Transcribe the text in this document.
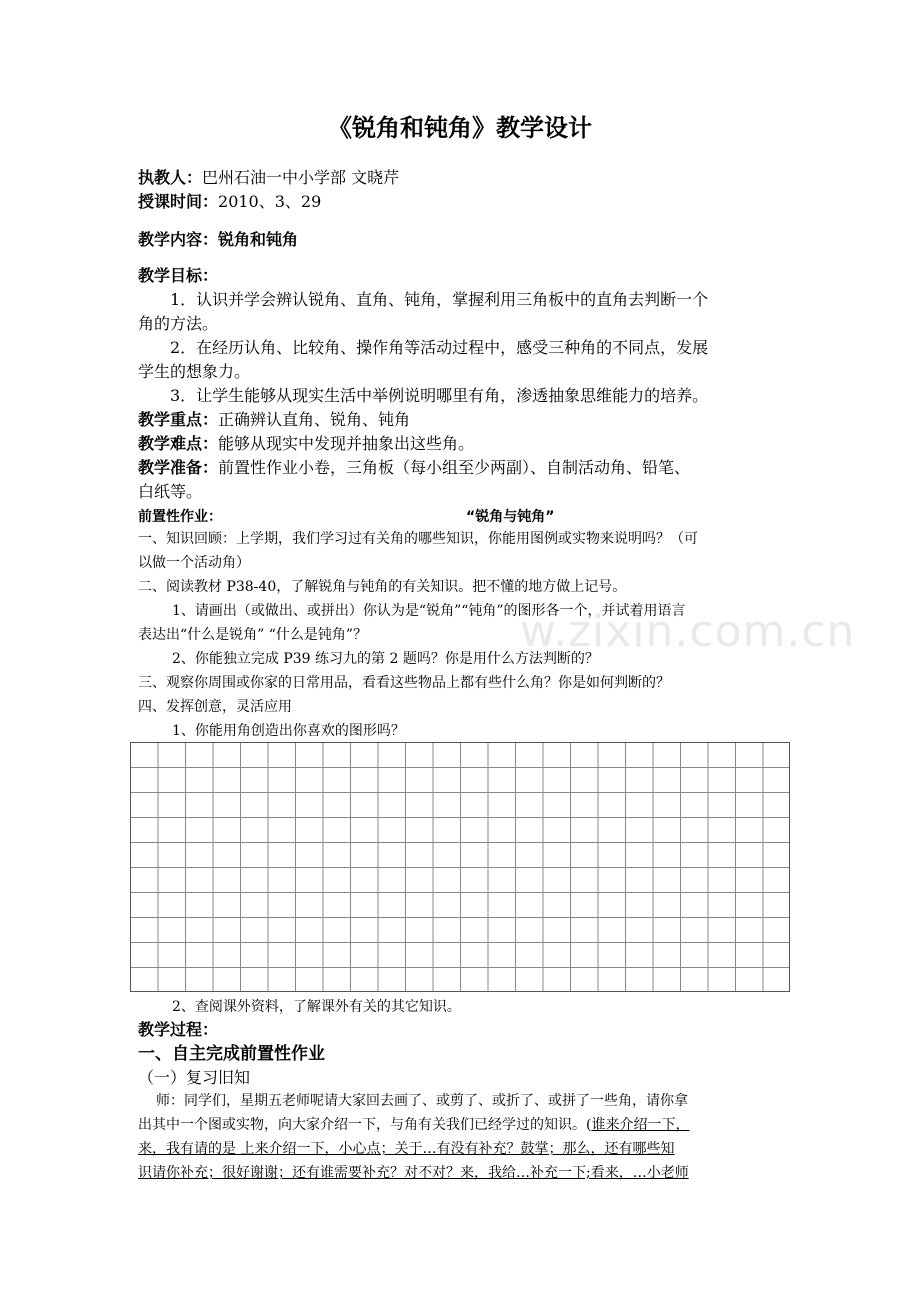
w.zixin.com.cn
《锐角和钝角》教学设计
执教人：巴州石油一中小学部 文晓芹
授课时间：2010、3、29
教学内容：锐角和钝角
教学目标：
1．认识并学会辨认锐角、直角、钝角，掌握利用三角板中的直角去判断一个
角的方法。
2．在经历认角、比较角、操作角等活动过程中，感受三种角的不同点，发展
学生的想象力。
3．让学生能够从现实生活中举例说明哪里有角，渗透抽象思维能力的培养。
教学重点：正确辨认直角、锐角、钝角
教学难点：能够从现实中发现并抽象出这些角。
教学准备：前置性作业小卷，三角板（每小组至少两副）、自制活动角、铅笔、
白纸等。
前置性作业：	“锐角与钝角”
一、知识回顾：上学期，我们学习过有关角的哪些知识，你能用图例或实物来说明吗？（可
以做一个活动角）
二、阅读教材 P38-40，了解锐角与钝角的有关知识。把不懂的地方做上记号。
1、请画出（或做出、或拼出）你认为是“锐角”“钝角”的图形各一个，并试着用语言
表达出“什么是锐角” “什么是钝角”？
2、你能独立完成 P39 练习九的第 2 题吗？你是用什么方法判断的？
三、观察你周围或你家的日常用品，看看这些物品上都有些什么角？你是如何判断的？
四、发挥创意，灵活应用
1、你能用角创造出你喜欢的图形吗？
2、查阅课外资料，了解课外有关的其它知识。
教学过程：
一、自主完成前置性作业
（一）复习旧知
师：同学们，星期五老师呢请大家回去画了、或剪了、或折了、或拼了一些角，请你拿
出其中一个图或实物，向大家介绍一下，与角有关我们已经学过的知识。(谁来介绍一下，
来，我有请的是 上来介绍一下，小心点；关于…有没有补充？鼓掌；那么，还有哪些知
识请你补充；很好谢谢；还有谁需要补充？对不对？来，我给…补充一下;看来，…小老师
